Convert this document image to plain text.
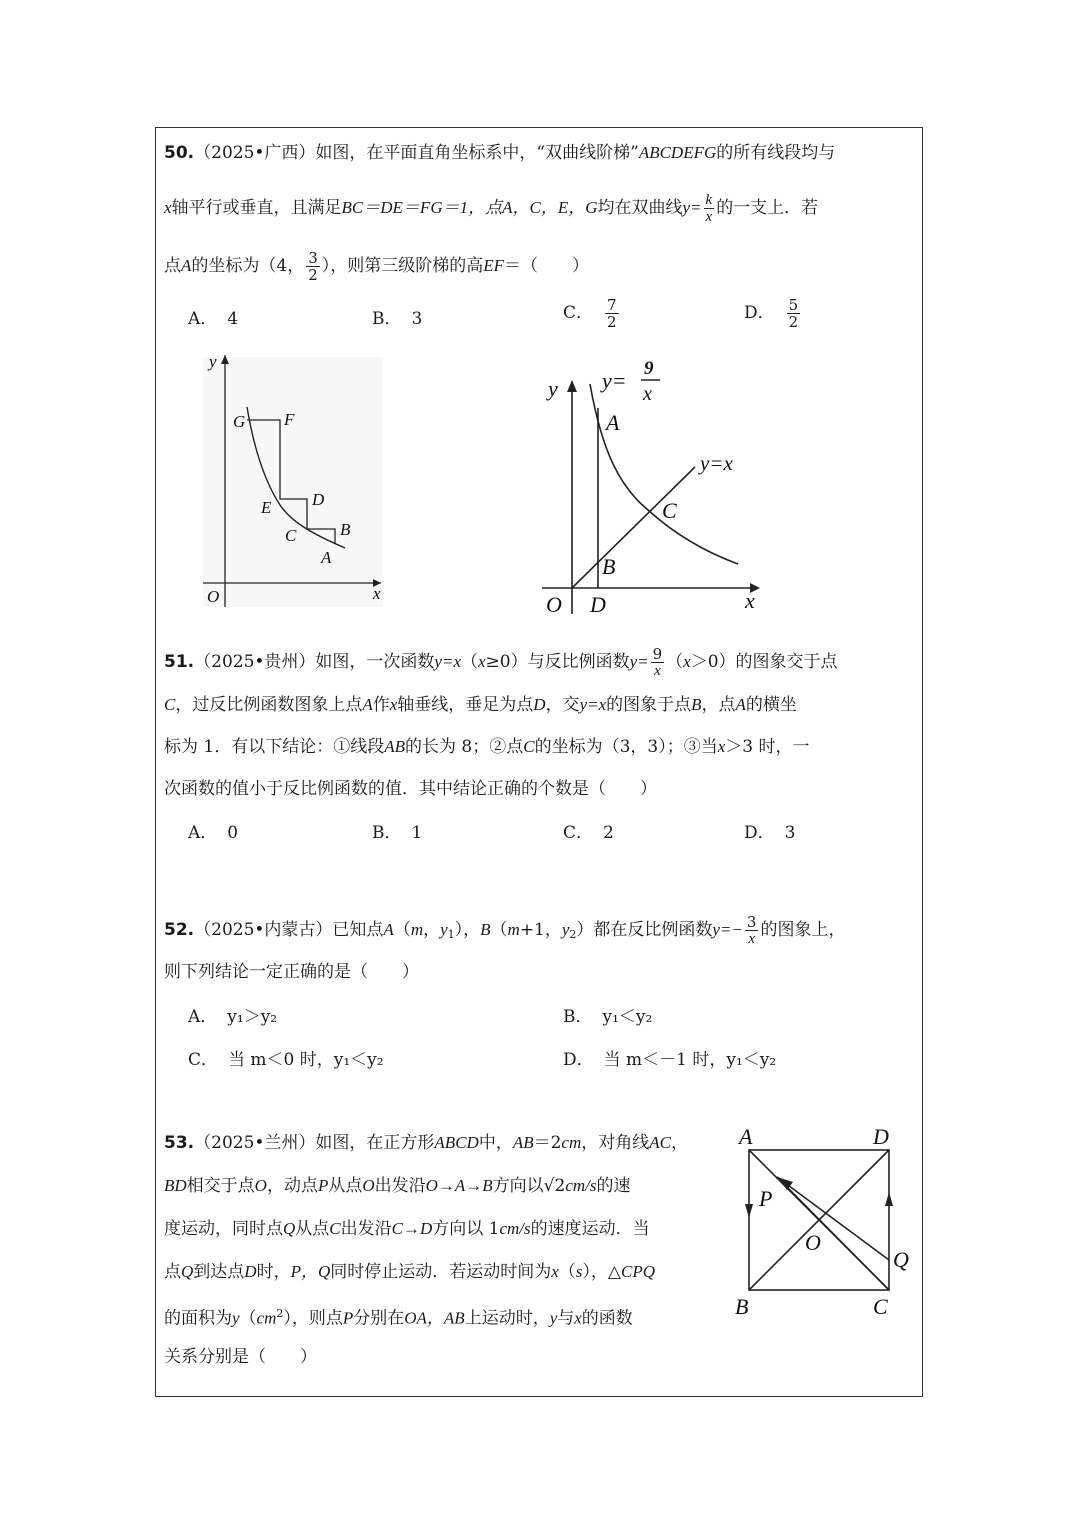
50.（2025•广西）如图，在平面直角坐标系中，“双曲线阶梯”ABCDEFG的所有线段均与
x轴平行或垂直，且满足BC＝DE＝FG＝1，点A，C，E，G均在双曲线$y= \frac{k}{x}$ 的一支上．若
点A的坐标为（4， $\frac{3}{2}$ ），则第三级阶梯的高EF＝（　　）
A． 4	B． 3	C． $\frac{7}{2}$	D． $\frac{5}{2}$
y
x
O
G F
E D
C	B
A
y y= 9
x
y=x
A
C
B
O D	x
51.（2025•贵州）如图，一次函数y=x（x≥0）与反比例函数$y= \frac{9}{x} (x>0)$的图象交于点
C，过反比例函数图象上点A作x轴垂线，垂足为点D，交y=x的图象于点B，点A的横坐
标为 1．有以下结论：①线段AB的长为 8；②点C的坐标为（3，3）；③当x＞3 时，一
次函数的值小于反比例函数的值．其中结论正确的个数是（　　）
A． 0	B． 1	C． 2	D． 3
52.（2025•内蒙古）已知点A（m，$y_1$），B（m+1，$y_2$）都在反比例函数$y=- \frac{3}{x}$ 的图象上，
则下列结论一定正确的是（　　）
A． y₁＞y₂	B． y₁＜y₂
C． 当 m＜0 时，y₁＜y₂	D． 当 m＜－1 时，y₁＜y₂
53.（2025•兰州）如图，在正方形ABCD中，AB＝2cm，对角线AC，
BD相交于点O，动点P从点O出发沿O→A→B方向以√2cm/s的速
度运动，同时点Q从点C出发沿C→D方向以 1cm/s的速度运动．当
点Q到达点D时，P，Q同时停止运动．若运动时间为x（s），△CPQ
的面积为$y(cm^2)$，则点P分别在OA，AB上运动时，y与x的函数
关系分别是（　　）
A	D
B	C
O
P
Q
